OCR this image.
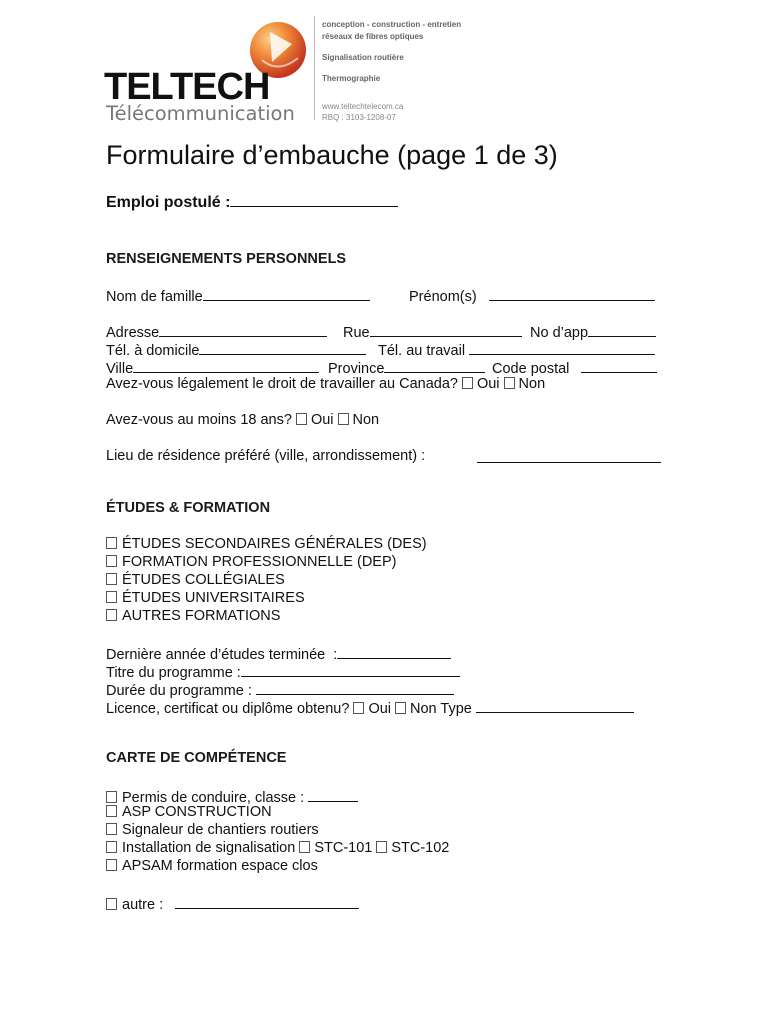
TELTECH
Télécommunication
conception - construction - entretien
réseaux de fibres optiques
Signalisation routière
Thermographie
www.teltechtelecom.ca
RBQ : 3103-1208-07
Formulaire d’embauche (page 1 de 3)
Emploi postulé :
RENSEIGNEMENTS PERSONNELS
Nom de famille	Prénom(s)
Adresse	Rue	No d’app
Tél. à domicile	Tél. au travail
Ville	Province	Code postal
Avez-vous légalement le droit de travailler au Canada? Oui Non
Avez-vous au moins 18 ans? Oui Non
Lieu de résidence préféré (ville, arrondissement) :
ÉTUDES & FORMATION
ÉTUDES SECONDAIRES GÉNÉRALES (DES)
FORMATION PROFESSIONNELLE (DEP)
ÉTUDES COLLÉGIALES
ÉTUDES UNIVERSITAIRES
AUTRES FORMATIONS
Dernière année d’études terminée  :
Titre du programme :
Durée du programme :
Licence, certificat ou diplôme obtenu? Oui Non Type
CARTE DE COMPÉTENCE
Permis de conduire, classe :
ASP CONSTRUCTION
Signaleur de chantiers routiers
Installation de signalisation STC-101 STC-102
APSAM formation espace clos
autre :
